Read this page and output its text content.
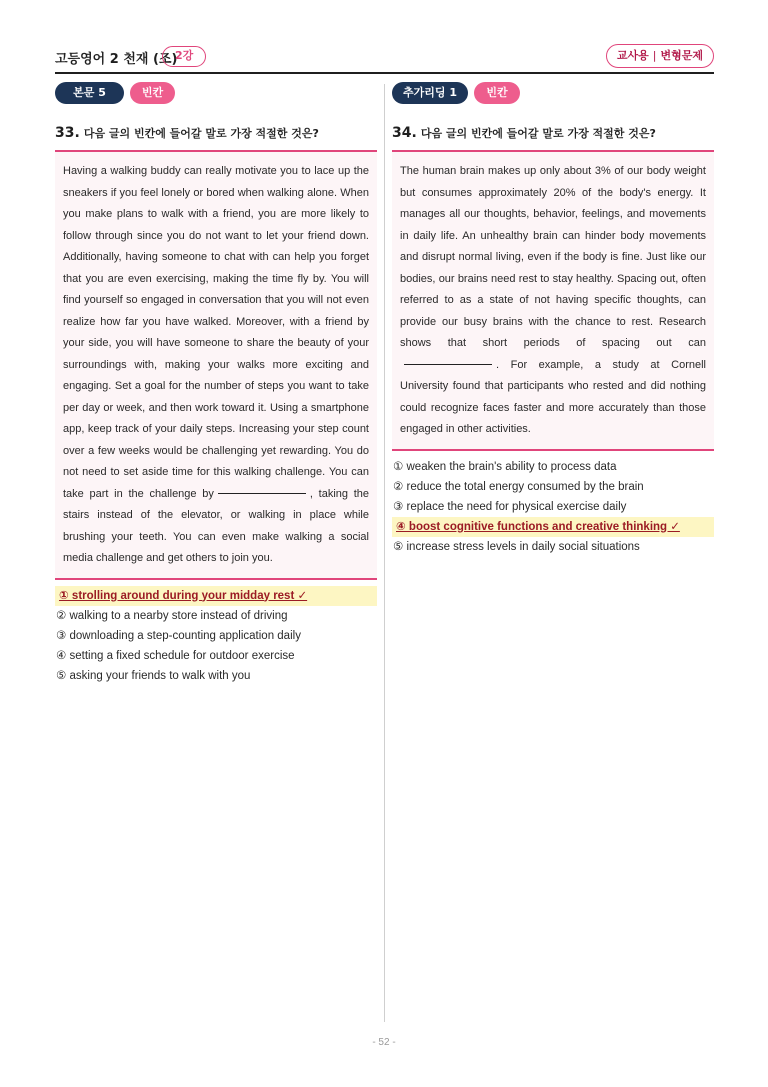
고등영어 2 천재 (조)
2강	교사용 | 변형문제
본문 5	빈칸
33. 다음 글의 빈칸에 들어갈 말로 가장 적절한 것은?
Having a walking buddy can really motivate you to lace up the sneakers if you feel lonely or bored when walking alone. When you make plans to walk with a friend, you are more likely to follow through since you do not want to let your friend down. Additionally, having someone to chat with can help you forget that you are even exercising, making the time fly by. You will find yourself so engaged in conversation that you will not even realize how far you have walked. Moreover, with a friend by your side, you will have someone to share the beauty of your surroundings with, making your walks more exciting and engaging. Set a goal for the number of steps you want to take per day or week, and then work toward it. Using a smartphone app, keep track of your daily steps. Increasing your step count over a few weeks would be challenging yet rewarding. You do not need to set aside time for this walking challenge. You can take part in the challenge by	, taking the stairs instead of the elevator, or walking in place while brushing your teeth. You can even make walking a social media challenge and get others to join you.
① strolling around during your midday rest ✓
② walking to a nearby store instead of driving
③ downloading a step-counting application daily
④ setting a fixed schedule for outdoor exercise
⑤ asking your friends to walk with you
추가리딩 1	빈칸
34. 다음 글의 빈칸에 들어갈 말로 가장 적절한 것은?
The human brain makes up only about 3% of our body weight but consumes approximately 20% of the body's energy. It manages all our thoughts, behavior, feelings, and movements in daily life. An unhealthy brain can hinder body movements and disrupt normal living, even if the body is fine. Just like our bodies, our brains need rest to stay healthy. Spacing out, often referred to as a state of not having specific thoughts, can provide our busy brains with the chance to rest. Research shows that short periods of spacing out can. For example, a study at Cornell University found that participants who rested and did nothing could recognize faces faster and more accurately than those engaged in other activities.
① weaken the brain's ability to process data
② reduce the total energy consumed by the brain
③ replace the need for physical exercise daily
④ boost cognitive functions and creative thinking ✓
⑤ increase stress levels in daily social situations
- 52 -
